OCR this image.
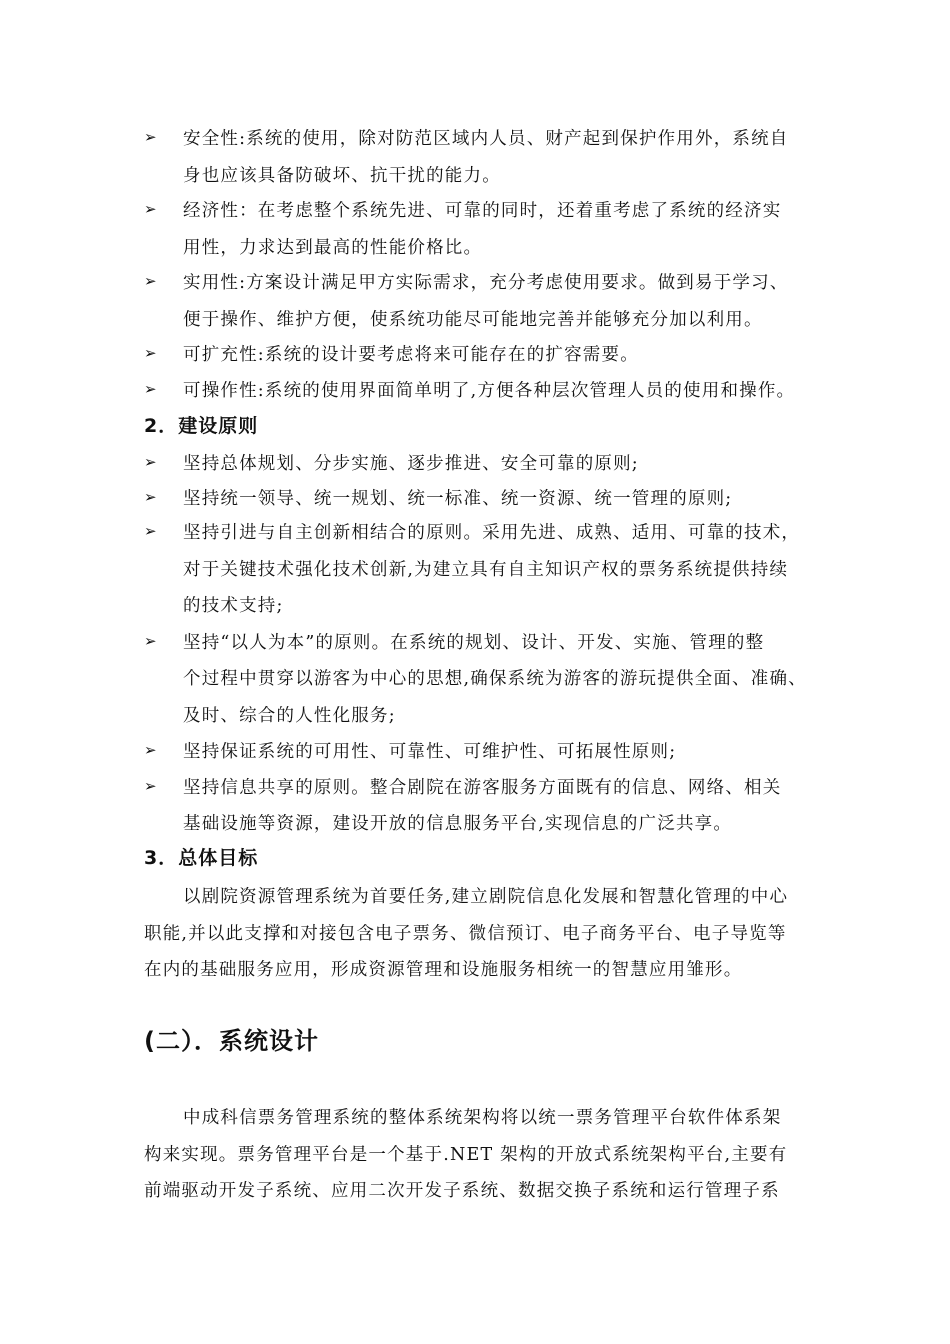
➢ 安全性:系统的使用，除对防范区域内人员、财产起到保护作用外，系统自
身也应该具备防破坏、抗干扰的能力。
➢ 经济性：在考虑整个系统先进、可靠的同时，还着重考虑了系统的经济实
用性，力求达到最高的性能价格比。
➢ 实用性:方案设计满足甲方实际需求，充分考虑使用要求。做到易于学习、
便于操作、维护方便，使系统功能尽可能地完善并能够充分加以利用。
➢ 可扩充性:系统的设计要考虑将来可能存在的扩容需要。
➢ 可操作性:系统的使用界面简单明了,方便各种层次管理人员的使用和操作。
2．建设原则
➢ 坚持总体规划、分步实施、逐步推进、安全可靠的原则;
➢ 坚持统一领导、统一规划、统一标准、统一资源、统一管理的原则;
➢ 坚持引进与自主创新相结合的原则。采用先进、成熟、适用、可靠的技术，
对于关键技术强化技术创新,为建立具有自主知识产权的票务系统提供持续
的技术支持;
➢ 坚持“以人为本”的原则。在系统的规划、设计、开发、实施、管理的整
个过程中贯穿以游客为中心的思想,确保系统为游客的游玩提供全面、准确、
及时、综合的人性化服务;
➢ 坚持保证系统的可用性、可靠性、可维护性、可拓展性原则;
➢ 坚持信息共享的原则。整合剧院在游客服务方面既有的信息、网络、相关
基础设施等资源，建设开放的信息服务平台,实现信息的广泛共享。
3．总体目标
以剧院资源管理系统为首要任务,建立剧院信息化发展和智慧化管理的中心
职能,并以此支撑和对接包含电子票务、微信预订、电子商务平台、电子导览等
在内的基础服务应用，形成资源管理和设施服务相统一的智慧应用雏形。
(二）．系统设计
中成科信票务管理系统的整体系统架构将以统一票务管理平台软件体系架
构来实现。票务管理平台是一个基于.NET 架构的开放式系统架构平台,主要有
前端驱动开发子系统、应用二次开发子系统、数据交换子系统和运行管理子系
